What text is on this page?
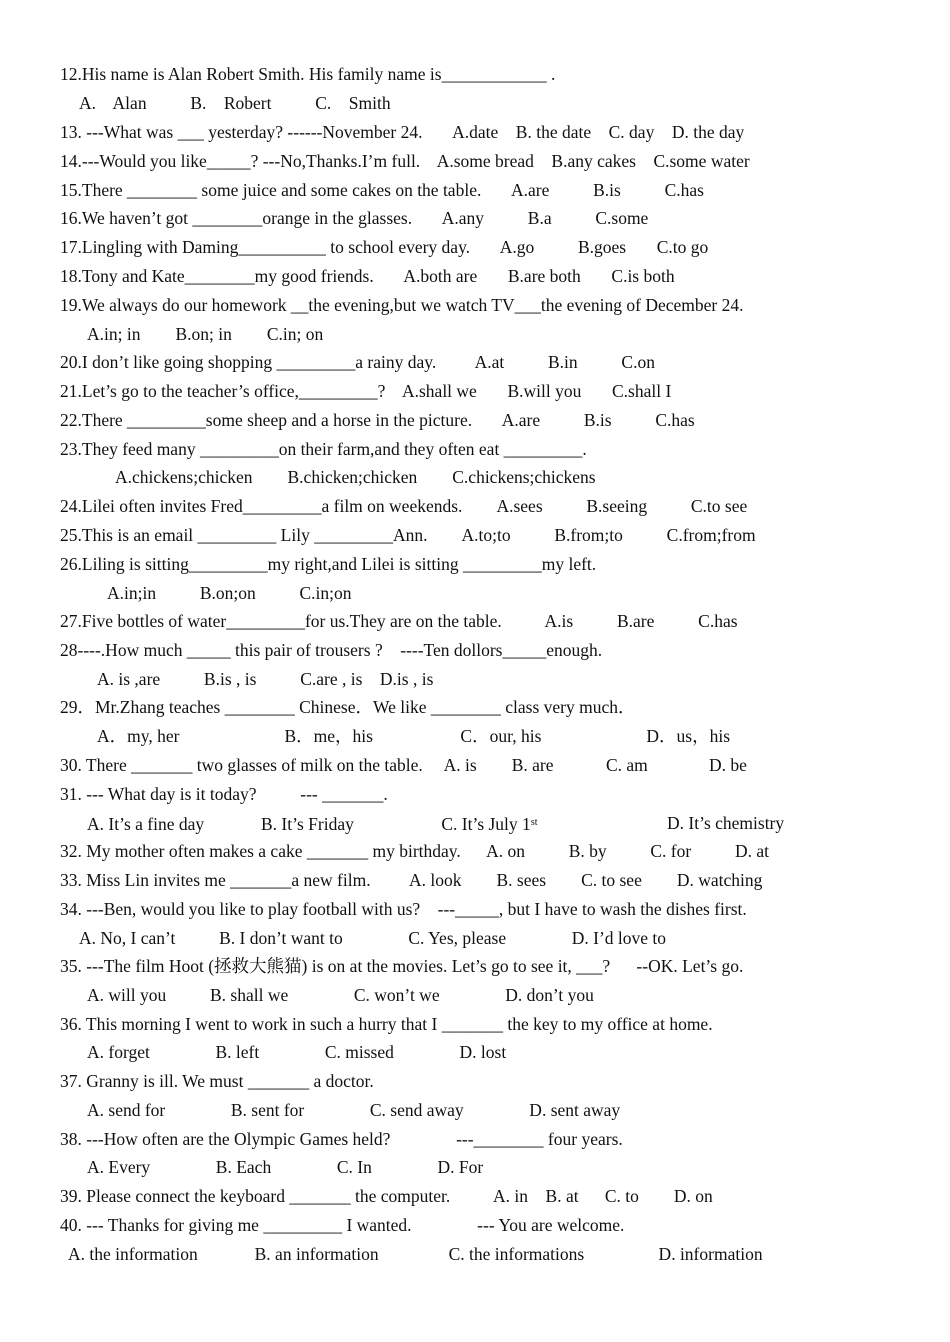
12.His name is Alan Robert Smith. His family name is____________ .
A.    Alan          B.    Robert          C.    Smith
13. ---What was ___ yesterday? ------November 24.       A.date    B. the date    C. day    D. the day
14.---Would you like_____? ---No,Thanks.I’m full.    A.some bread    B.any cakes    C.some water
15.There ________ some juice and some cakes on the table.       A.are          B.is          C.has
16.We haven’t got ________orange in the glasses.       A.any          B.a          C.some
17.Lingling with Daming__________ to school every day.       A.go          B.goes       C.to go
18.Tony and Kate________my good friends.       A.both are       B.are both       C.is both
19.We always do our homework __the evening,but we watch TV___the evening of December 24.
A.in; in        B.on; in        C.in; on
20.I don’t like going shopping _________a rainy day.         A.at          B.in          C.on
21.Let’s go to the teacher’s office,_________?    A.shall we       B.will you       C.shall I
22.There _________some sheep and a horse in the picture.       A.are          B.is          C.has
23.They feed many _________on their farm,and they often eat _________.
A.chickens;chicken        B.chicken;chicken        C.chickens;chickens
24.Lilei often invites Fred_________a film on weekends.        A.sees          B.seeing          C.to see
25.This is an email _________ Lily _________Ann.        A.to;to          B.from;to          C.from;from
26.Liling is sitting_________my right,and Lilei is sitting _________my left.
A.in;in          B.on;on          C.in;on
27.Five bottles of water_________for us.They are on the table.          A.is          B.are          C.has
28----.How much _____ this pair of trousers ?    ----Ten dollors_____enough.
A. is ,are          B.is , is          C.are , is    D.is , is
29．Mr.Zhang teaches ________ Chinese．We like ________ class very much．
A．my, her                        B．me，his                    C．our, his                        D．us，his
30. There _______ two glasses of milk on the table.     A. is        B. are            C. am              D. be
31. --- What day is it today?          --- _______.
A. It’s a fine day             B. It’s Friday                    C. It’s July 1st	D. It’s chemistry
32. My mother often makes a cake _______ my birthday.      A. on          B. by          C. for          D. at
33. Miss Lin invites me _______a new film.         A. look        B. sees        C. to see        D. watching
34. ---Ben, would you like to play football with us?    ---_____, but I have to wash the dishes first.
A. No, I can’t          B. I don’t want to               C. Yes, please               D. I’d love to
35. ---The film Hoot (拯救大熊猫) is on at the movies. Let’s go to see it, ___?      --OK. Let’s go.
A. will you          B. shall we               C. won’t we               D. don’t you
36. This morning I went to work in such a hurry that I _______ the key to my office at home.
A. forget               B. left               C. missed               D. lost
37. Granny is ill. We must _______ a doctor.
A. send for               B. sent for               C. send away               D. sent away
38. ---How often are the Olympic Games held?               ---________ four years.
A. Every               B. Each               C. In               D. For
39. Please connect the keyboard _______ the computer.          A. in    B. at      C. to        D. on
40. --- Thanks for giving me _________ I wanted.               --- You are welcome.
A. the information             B. an information                C. the informations                 D. information
